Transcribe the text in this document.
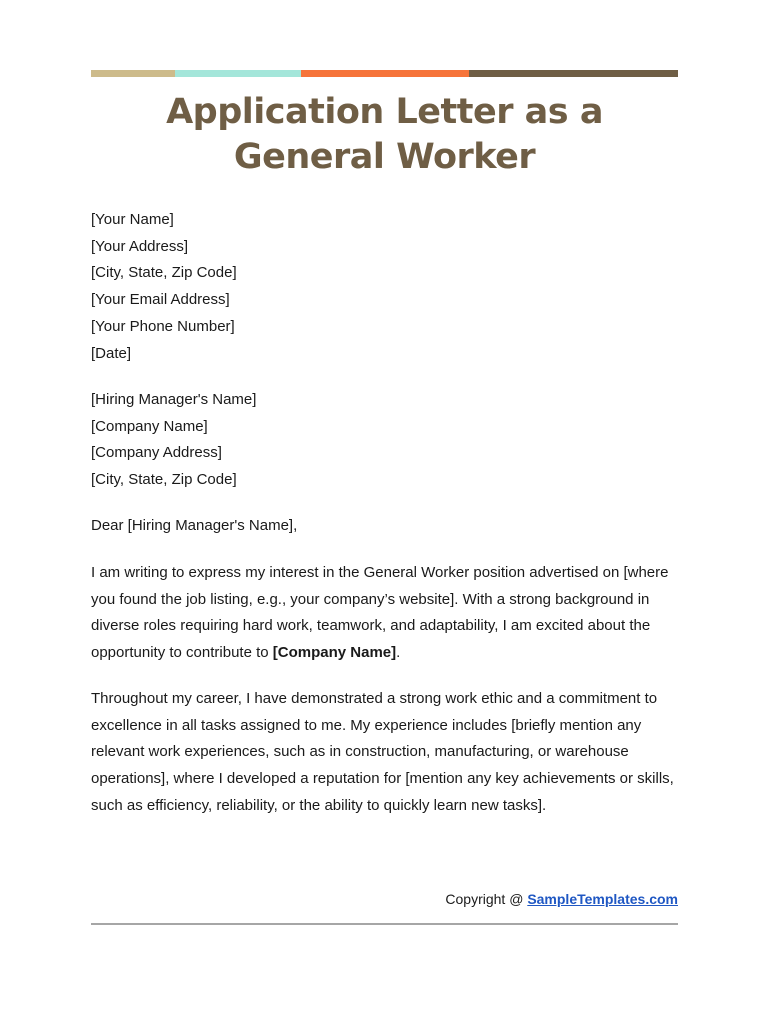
Application Letter as a General Worker
[Your Name]
[Your Address]
[City, State, Zip Code]
[Your Email Address]
[Your Phone Number]
[Date]
[Hiring Manager's Name]
[Company Name]
[Company Address]
[City, State, Zip Code]
Dear [Hiring Manager's Name],

I am writing to express my interest in the General Worker position advertised on [where you found the job listing, e.g., your company’s website]. With a strong background in diverse roles requiring hard work, teamwork, and adaptability, I am excited about the opportunity to contribute to [Company Name].

Throughout my career, I have demonstrated a strong work ethic and a commitment to excellence in all tasks assigned to me. My experience includes [briefly mention any relevant work experiences, such as in construction, manufacturing, or warehouse operations], where I developed a reputation for [mention any key achievements or skills, such as efficiency, reliability, or the ability to quickly learn new tasks].

Copyright @ SampleTemplates.com
